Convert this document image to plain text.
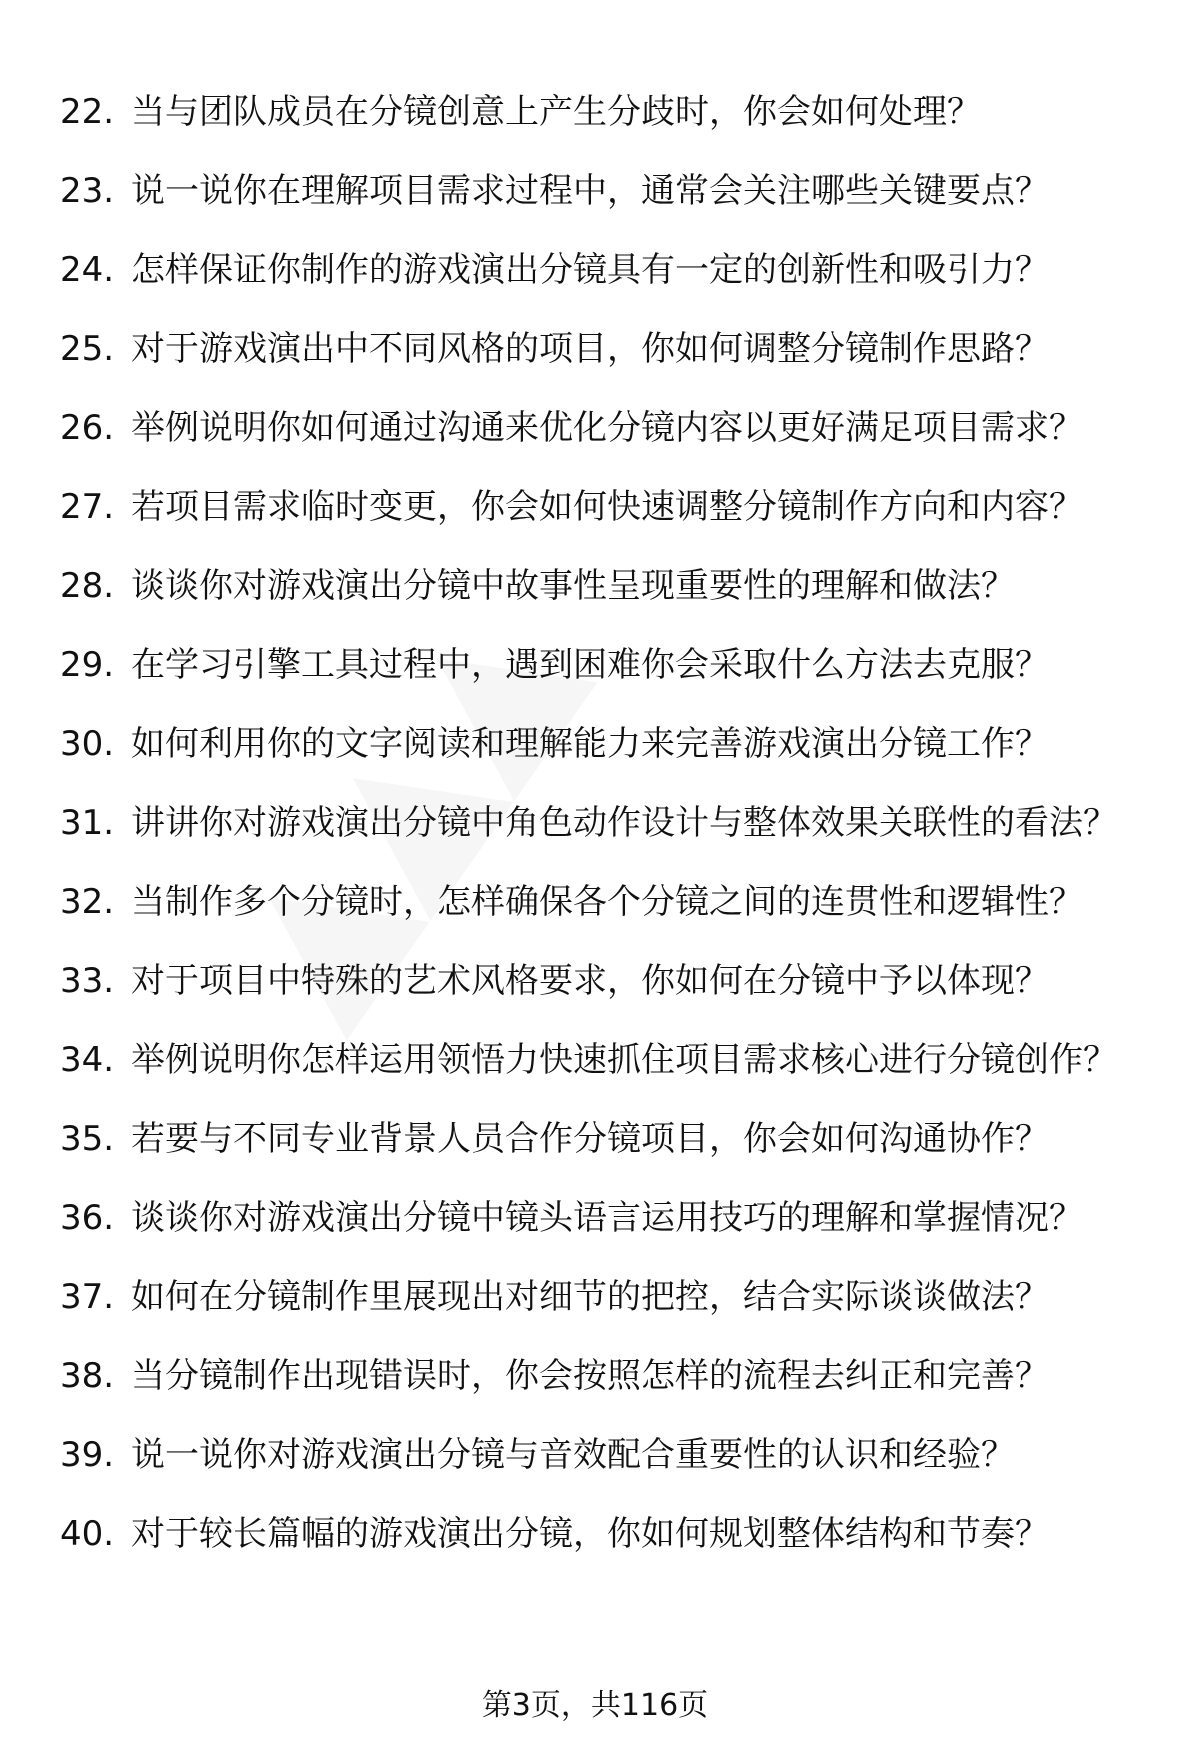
22. 当与团队成员在分镜创意上产生分歧时，你会如何处理？
23. 说一说你在理解项目需求过程中，通常会关注哪些关键要点？
24. 怎样保证你制作的游戏演出分镜具有一定的创新性和吸引力？
25. 对于游戏演出中不同风格的项目，你如何调整分镜制作思路？
26. 举例说明你如何通过沟通来优化分镜内容以更好满足项目需求？
27. 若项目需求临时变更，你会如何快速调整分镜制作方向和内容？
28. 谈谈你对游戏演出分镜中故事性呈现重要性的理解和做法？
29. 在学习引擎工具过程中，遇到困难你会采取什么方法去克服？
30. 如何利用你的文字阅读和理解能力来完善游戏演出分镜工作？
31. 讲讲你对游戏演出分镜中角色动作设计与整体效果关联性的看法？
32. 当制作多个分镜时，怎样确保各个分镜之间的连贯性和逻辑性？
33. 对于项目中特殊的艺术风格要求，你如何在分镜中予以体现？
34. 举例说明你怎样运用领悟力快速抓住项目需求核心进行分镜创作？
35. 若要与不同专业背景人员合作分镜项目，你会如何沟通协作？
36. 谈谈你对游戏演出分镜中镜头语言运用技巧的理解和掌握情况？
37. 如何在分镜制作里展现出对细节的把控，结合实际谈谈做法？
38. 当分镜制作出现错误时，你会按照怎样的流程去纠正和完善？
39. 说一说你对游戏演出分镜与音效配合重要性的认识和经验？
40. 对于较长篇幅的游戏演出分镜，你如何规划整体结构和节奏？
第3页，共116页
